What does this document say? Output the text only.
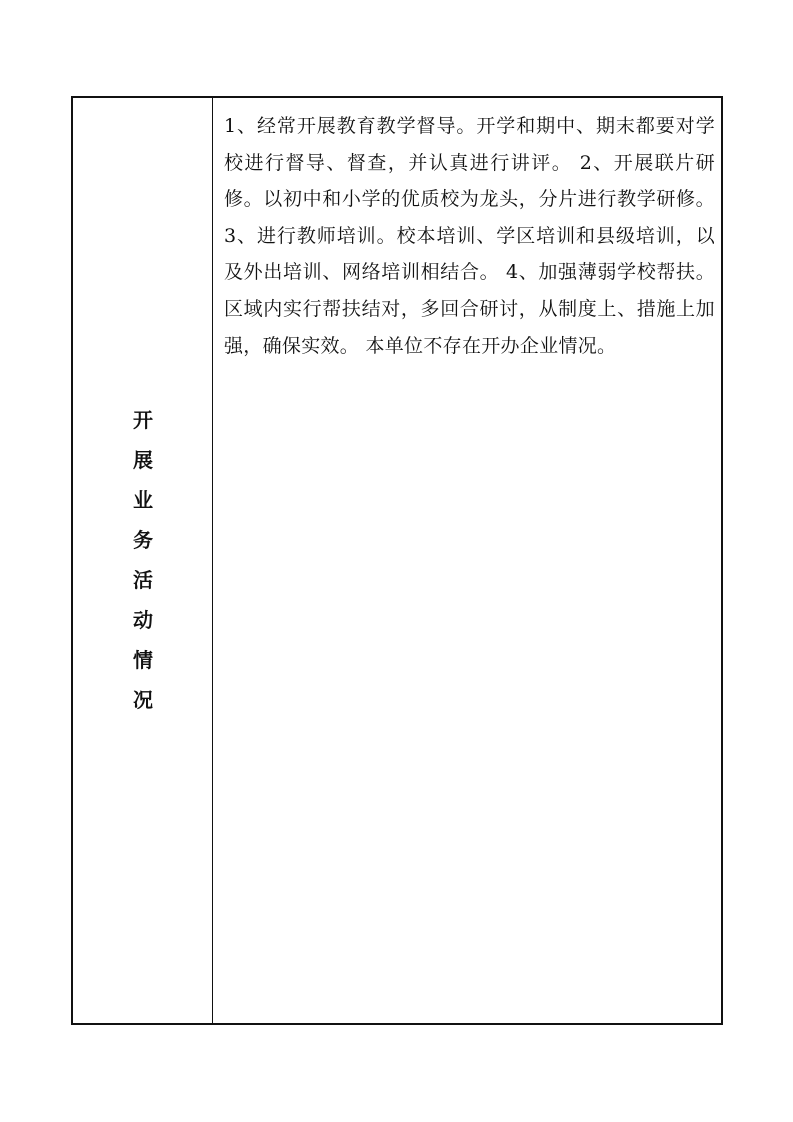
开
展
业
务
活
动
情
况

1、经常开展教育教学督导。开学和期中、期末都要对学校进行督导、督查，并认真进行讲评。 2、开展联片研修。以初中和小学的优质校为龙头，分片进行教学研修。 3、进行教师培训。校本培训、学区培训和县级培训，以及外出培训、网络培训相结合。 4、加强薄弱学校帮扶。区域内实行帮扶结对，多回合研讨，从制度上、措施上加强，确保实效。 本单位不存在开办企业情况。
